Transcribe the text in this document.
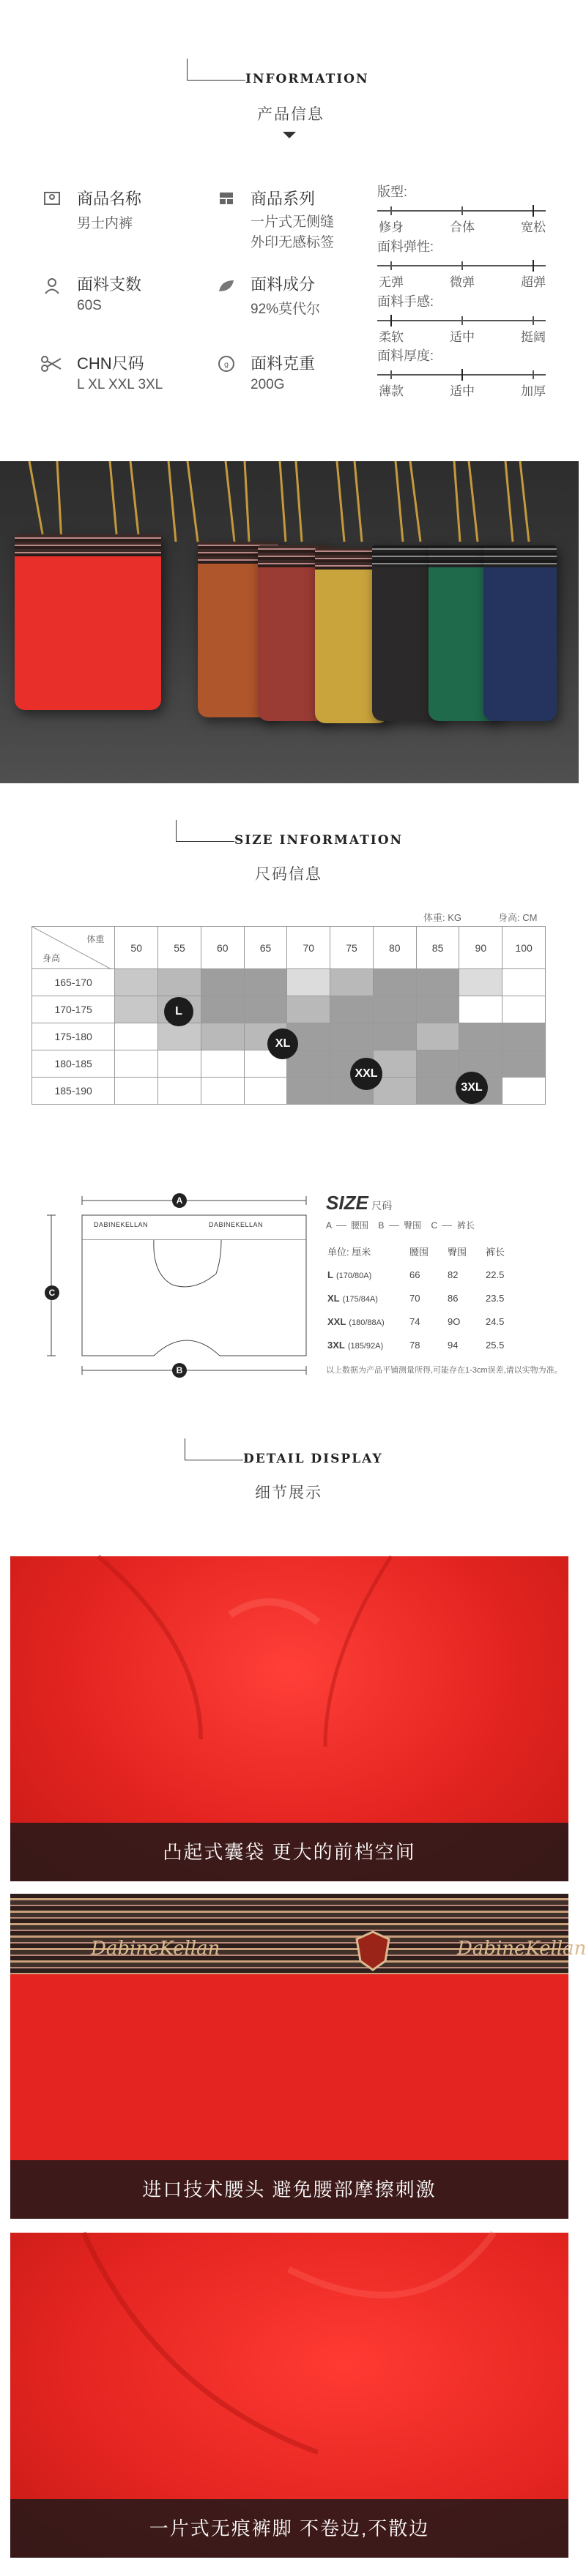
INFORMATION
产品信息
商品名称
男士内裤
商品系列
一片式无侧缝
外印无感标签
面料支数
60S
面料成分
92%莫代尔
CHN尺码
L XL XXL 3XL
g 面料克重
200G
版型:
修身	合体	宽松
面料弹性:
无弹	微弹	超弹
面料手感:
柔软	适中	挺阔
面料厚度:
薄款	适中	加厚
SIZE INFORMATION
尺码信息
体重: KG	身高: CM
体重
身高	50	55	60	65	70	75	80	85	90	100
165-170										
170-175										
175-180										
180-185										
185-190										
L
XL
XXL
3XL
DABINEKELLAN	DABINEKELLAN
A
B
C
SIZE 尺码
A 腰围 B 臀围 C 裤长
单位: 厘米	腰围	臀围	裤长
L (170/80A)	66	82	22.5
XL (175/84A)	70	86	23.5
XXL (180/88A)	74	9O	24.5
3XL (185/92A)	78	94	25.5
以上数据为产品平铺测量所得,可能存在1-3cm误差,请以实物为准。
DETAIL DISPLAY
细节展示
凸起式囊袋 更大的前档空间
DabineKellan	DabineKellan
进口技术腰头 避免腰部摩擦刺激
一片式无痕裤脚 不卷边,不散边
